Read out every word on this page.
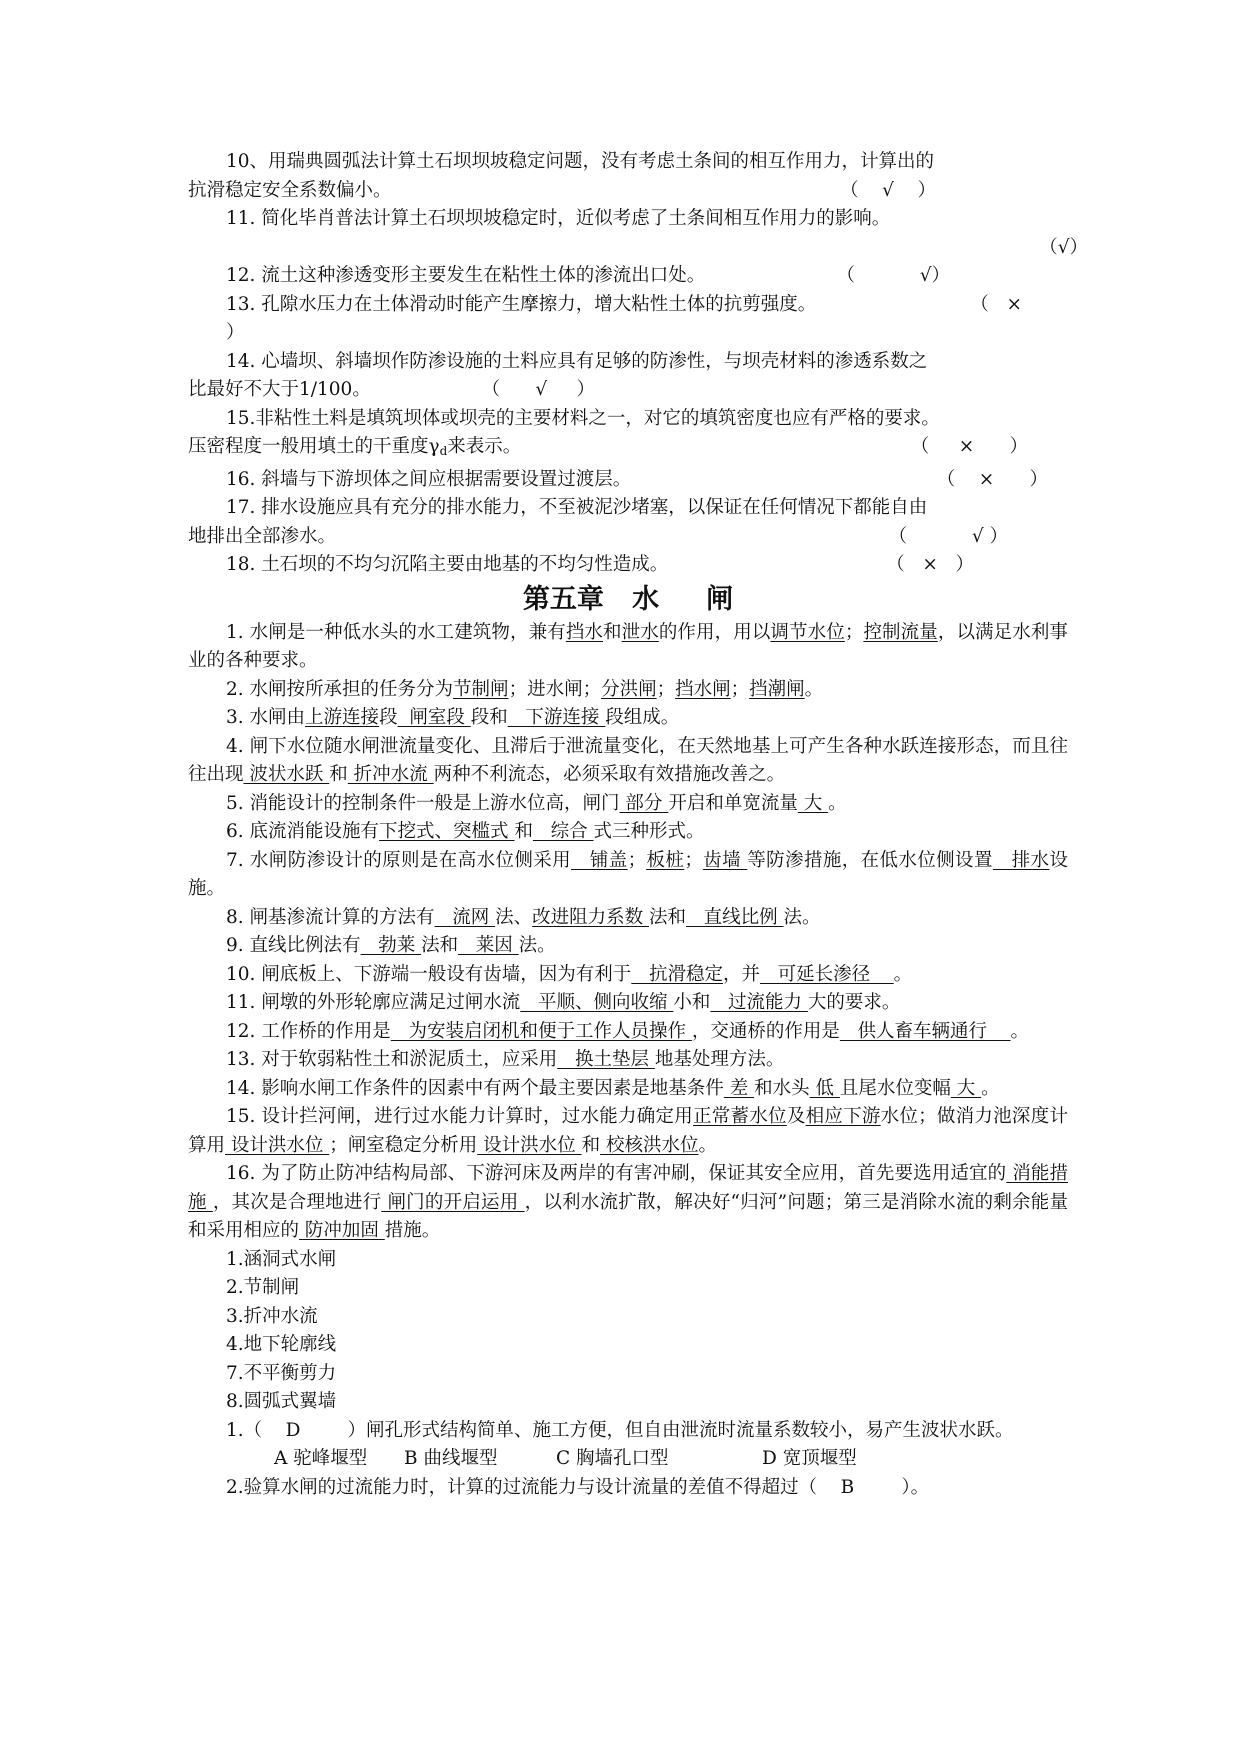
10、用瑞典圆弧法计算土石坝坝坡稳定问题，没有考虑土条间的相互作用力，计算出的
抗滑稳定安全系数偏小。	（    √    ）
11. 简化毕肖普法计算土石坝坝坡稳定时，近似考虑了土条间相互作用力的影响。
（√）
12. 流土这种渗透变形主要发生在粘性土体的渗流出口处。	（           √）
13. 孔隙水压力在土体滑动时能产生摩擦力，增大粘性土体的抗剪强度。	（   ×
）
14. 心墙坝、斜墙坝作防渗设施的土料应具有足够的防渗性，与坝壳材料的渗透系数之
比最好不大于1/100。	（      √     ）
15.非粘性土料是填筑坝体或坝壳的主要材料之一，对它的填筑密度也应有严格的要求。
压密程度一般用填土的干重度$\gamma_d$来表示。	（     ×      ）
16. 斜墙与下游坝体之间应根据需要设置过渡层。	（    ×      ）
17. 排水设施应具有充分的排水能力，不至被泥沙堵塞，以保证在任何情况下都能自由
地排出全部渗水。	（           √ ）
18. 土石坝的不均匀沉陷主要由地基的不均匀性造成。	（   ×   ）
第五章   水     闸
1. 水闸是一种低水头的水工建筑物，兼有挡水和泄水的作用，用以调节水位；控制流量，以满足水利事业的各种要求。
2. 水闸按所承担的任务分为节制闸；进水闸；分洪闸；挡水闸；挡潮闸。
3. 水闸由上游连接段  闸室段 段和   下游连接 段组成。
4. 闸下水位随水闸泄流量变化、且滞后于泄流量变化，在天然地基上可产生各种水跃连接形态，而且往往出现 波状水跃 和 折冲水流 两种不利流态，必须采取有效措施改善之。
5. 消能设计的控制条件一般是上游水位高，闸门 部分 开启和单宽流量 大 。
6. 底流消能设施有下挖式、突槛式 和   综合 式三种形式。
7. 水闸防渗设计的原则是在高水位侧采用   铺盖；板桩；齿墙 等防渗措施，在低水位侧设置   排水设施。
8. 闸基渗流计算的方法有   流网 法、改进阻力系数 法和   直线比例 法。
9. 直线比例法有   勃莱 法和   莱因 法。
10. 闸底板上、下游端一般设有齿墙，因为有利于   抗滑稳定，并   可延长渗径    。
11. 闸墩的外形轮廓应满足过闸水流   平顺、侧向收缩 小和   过流能力 大的要求。
12. 工作桥的作用是   为安装启闭机和便于工作人员操作 ，交通桥的作用是   供人畜车辆通行    。
13. 对于软弱粘性土和淤泥质土，应采用   换土垫层 地基处理方法。
14. 影响水闸工作条件的因素中有两个最主要因素是地基条件 差 和水头 低 且尾水位变幅 大 。
15. 设计拦河闸，进行过水能力计算时，过水能力确定用正常蓄水位及相应下游水位；做消力池深度计算用 设计洪水位 ；闸室稳定分析用 设计洪水位 和 校核洪水位。
16. 为了防止防冲结构局部、下游河床及两岸的有害冲刷，保证其安全应用，首先要选用适宜的 消能措施 ，其次是合理地进行 闸门的开启运用 ，以利水流扩散，解决好“归河”问题；第三是消除水流的剩余能量和采用相应的 防冲加固 措施。
1.涵洞式水闸
2.节制闸
3.折冲水流
4.地下轮廓线
7.不平衡剪力
8.圆弧式翼墙
1.（    D        ）闸孔形式结构简单、施工方便，但自由泄流时流量系数较小，易产生波状水跃。
A 驼峰堰型 B 曲线堰型	C 胸墙孔口型	D 宽顶堰型
2.验算水闸的过流能力时，计算的过流能力与设计流量的差值不得超过（    B        ）。
